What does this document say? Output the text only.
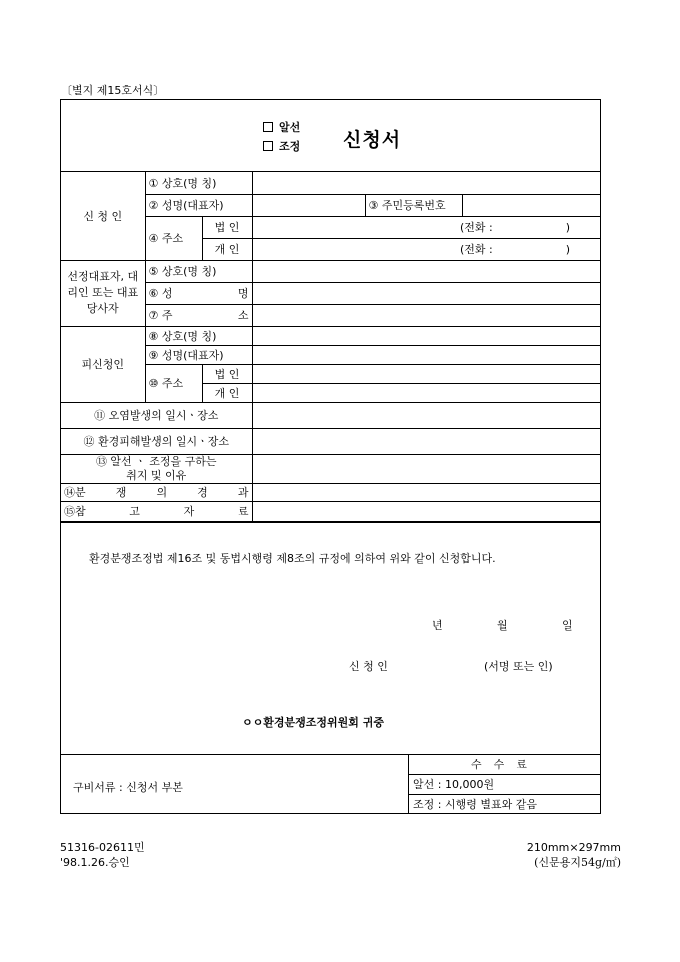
〔별지 제15호서식〕
알선
조정 신청서
신 청 인	① 상호(명 칭)				
	② 성명(대표자)			③ 주민등록번호	
	④ 주소	법 인	(전화 : )		
		개 인	(전화 : )		
선정대표자, 대리인 또는 대표당사자	⑤ 상호(명 칭)				

	⑥ 성 명				

	⑦ 주 소				

피신청인	⑧ 상호(명 칭)				
	⑨ 성명(대표자)				
	⑩ 주소	법 인			
		개 인			
⑪ 오염발생의 일시ㆍ장소					
⑫ 환경피해발생의 일시ㆍ장소					

⑬ 알선 ㆍ 조정을 구하는
취지 및 이유					

⑭분 쟁 의 경 과					

⑮참 고 자 료					

환경분쟁조정법 제16조 및 동법시행령 제8조의 규정에 의하여 위와 같이 신청합니다.
년	월	일
신 청 인	(서명 또는 인)
ㅇㅇ환경분쟁조정위원회 귀중
구비서류 : 신청서 부본
수수료
알선 : 10,000원
조정 : 시행령 별표와 같음
51316-02611민
'98.1.26.승인
210mm×297mm
(신문용지54g/㎡)
